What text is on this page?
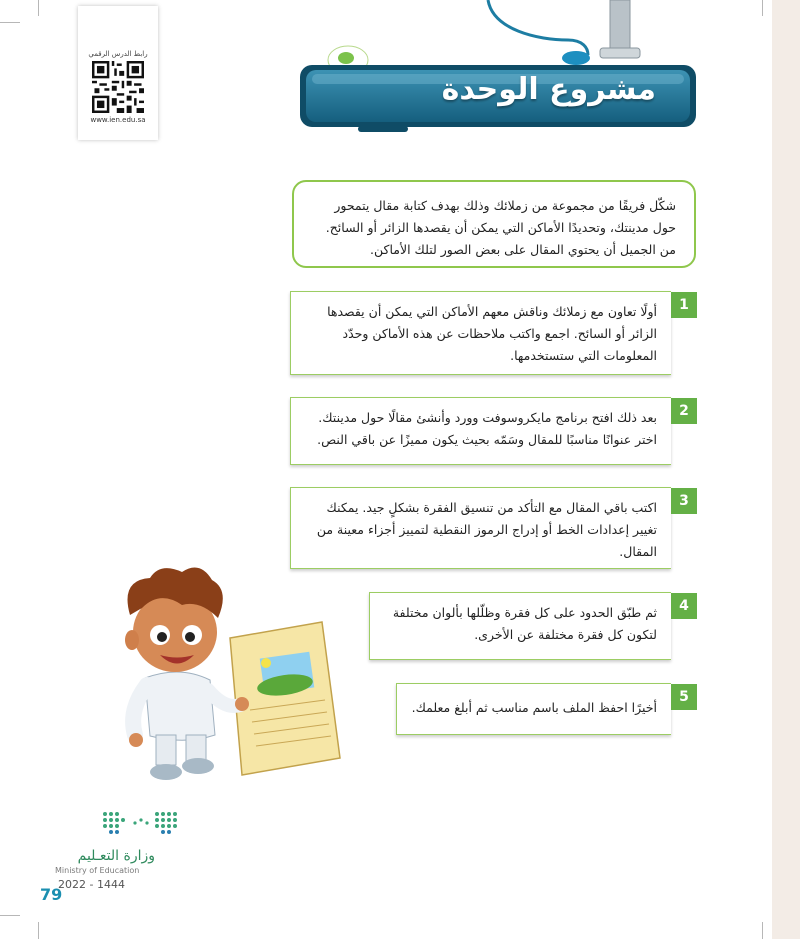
رابط الدرس الرقمي
www.ien.edu.sa
مشروع الوحدة
شكّل فريقًا من مجموعة من زملائك وذلك بهدف كتابة مقال يتمحور حول مدينتك، وتحديدًا الأماكن التي يمكن أن يقصدها الزائر أو السائح. من الجميل أن يحتوي المقال على بعض الصور لتلك الأماكن.
أولًا تعاون مع زملائك وناقش معهم الأماكن التي يمكن أن يقصدها الزائر أو السائح. اجمع واكتب ملاحظات عن هذه الأماكن وحدّد المعلومات التي ستستخدمها.
1
بعد ذلك افتح برنامج مايكروسوفت وورد وأنشئ مقالًا حول مدينتك. اختر عنوانًا مناسبًا للمقال وسَمّه بحيث يكون مميزًا عن باقي النص.
2
اكتب باقي المقال مع التأكد من تنسيق الفقرة بشكلٍ جيد. يمكنك تغيير إعدادات الخط أو إدراج الرموز النقطية لتمييز أجزاء معينة من المقال.
3
ثم طبّق الحدود على كل فقرة وظلّلها بألوان مختلفة لتكون كل فقرة مختلفة عن الأخرى.
4
أخيرًا احفظ الملف باسم مناسب ثم أبلغ معلمك.
5
وزارة التعـليم
Ministry of Education
2022 - 1444
79
